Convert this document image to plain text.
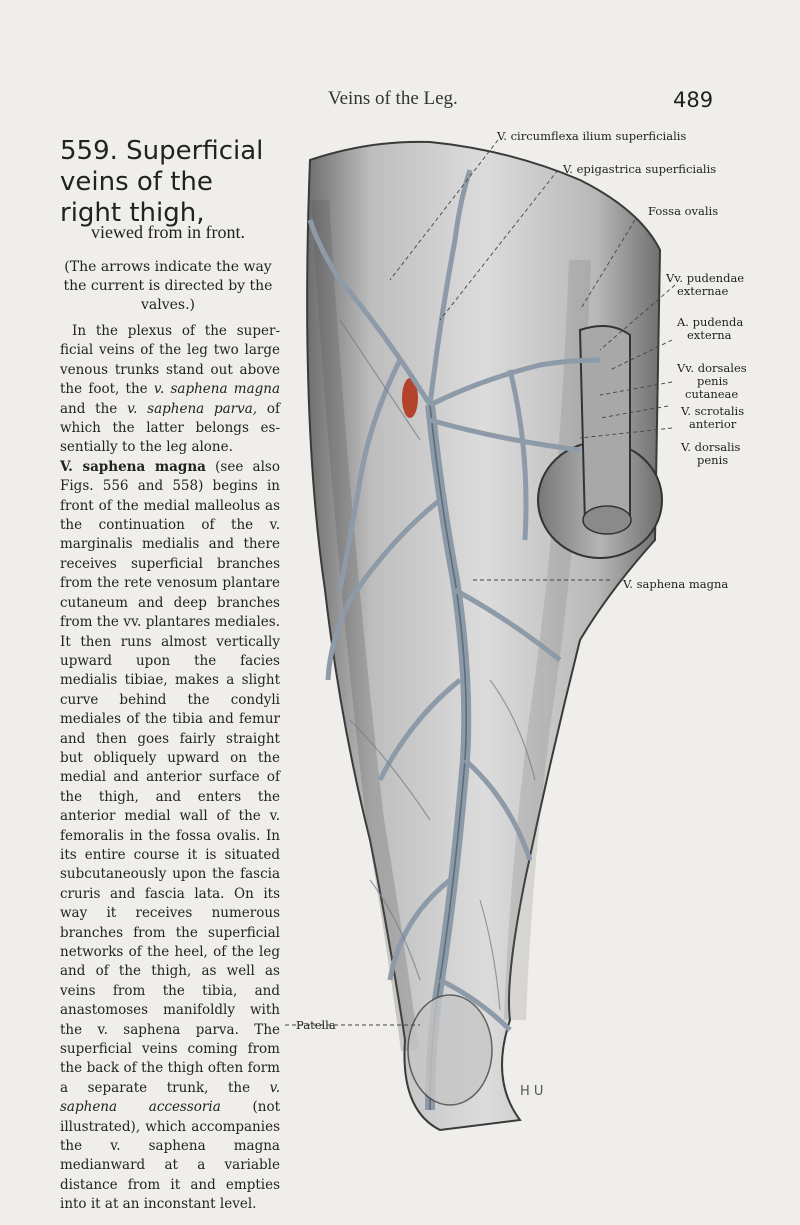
Veins of the Leg.	489
559. Superficial
veins of the
right thigh,
viewed from in front.
(The arrows indicate the way the current is directed by the valves.)

In the plexus of the superficial veins of the leg two large venous trunks stand out above the foot, the v. saphena magna and the v. saphena parva, of which the latter belongs essentially to the leg alone.

V. saphena magna (see also Figs. 556 and 558) begins in front of the medial malleolus as the continuation of the v. marginalis medialis and there receives superficial branches from the rete venosum plantare cutaneum and deep branches from the vv. plantares mediales. It then runs almost vertically upward upon the facies medialis tibiae, makes a slight curve behind the condyli mediales of the tibia and femur and then goes fairly straight but obliquely upward on the medial and anterior surface of the thigh, and enters the anterior medial wall of the v. femoralis in the fossa ovalis. In its entire course it is situated subcutaneously upon the fascia cruris and fascia lata. On its way it receives numerous branches from the superficial networks of the heel, of the leg and of the thigh, as well as veins from the tibia, and anastomoses manifoldly with the v. saphena parva. The superficial veins coming from the back of the thigh often form a separate trunk, the v. saphena accessoria (not illustrated), which accompanies the v. saphena magna medianward at a variable distance from it and empties into it at an inconstant level.

H U
V. circumflexa ilium superficialis
V. epigastrica superficialis
Fossa ovalis
Vv. pudendae
externae
A. pudenda
externa
Vv. dorsales
penis
cutaneae
V. scrotalis
anterior
V. dorsalis
penis
V. saphena magna
Patella
